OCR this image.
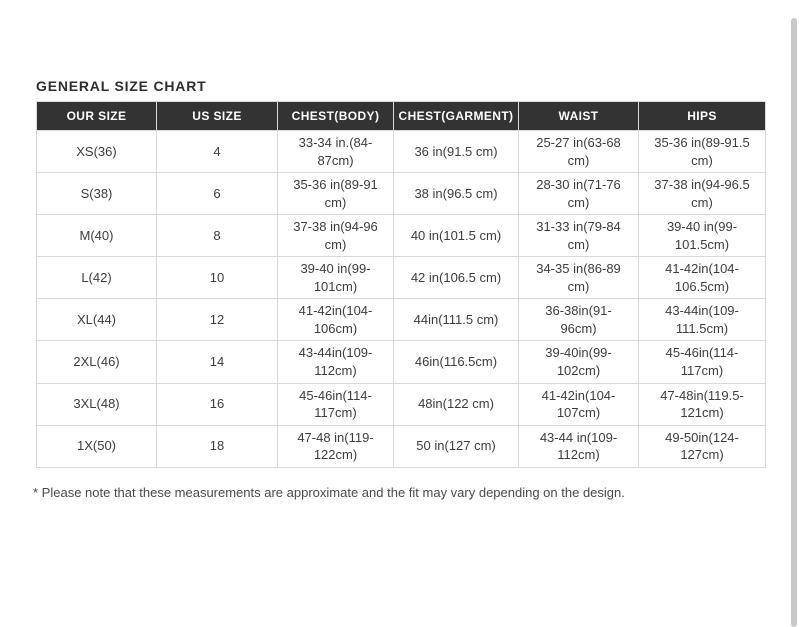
GENERAL SIZE CHART
OUR SIZE	US SIZE	CHEST(BODY)	CHEST(GARMENT)	WAIST	HIPS
XS(36)	4	33-34 in.(84-87cm)	36 in(91.5 cm)	25-27 in(63-68 cm)	35-36 in(89-91.5 cm)
S(38)	6	35-36 in(89-91 cm)	38 in(96.5 cm)	28-30 in(71-76 cm)	37-38 in(94-96.5 cm)
M(40)	8	37-38 in(94-96 cm)	40 in(101.5 cm)	31-33 in(79-84 cm)	39-40 in(99-101.5cm)
L(42)	10	39-40 in(99-101cm)	42 in(106.5 cm)	34-35 in(86-89 cm)	41-42in(104-106.5cm)
XL(44)	12	41-42in(104-106cm)	44in(111.5 cm)	36-38in(91-96cm)	43-44in(109-111.5cm)
2XL(46)	14	43-44in(109-112cm)	46in(116.5cm)	39-40in(99-102cm)	45-46in(114-117cm)
3XL(48)	16	45-46in(114-117cm)	48in(122 cm)	41-42in(104-107cm)	47-48in(119.5-121cm)
1X(50)	18	47-48 in(119-122cm)	50 in(127 cm)	43-44 in(109-112cm)	49-50in(124-127cm)
* Please note that these measurements are approximate and the fit may vary depending on the design.
